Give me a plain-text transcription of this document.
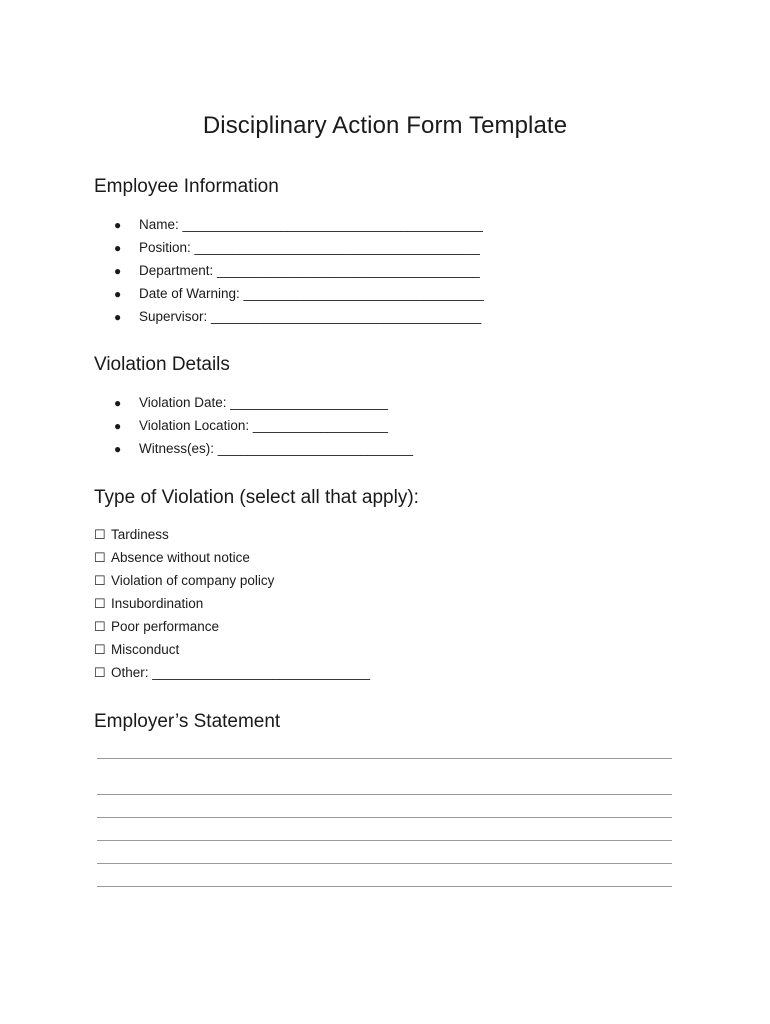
Disciplinary Action Form Template
Employee Information
● Name: ________________________________________
● Position: ______________________________________
● Department: ___________________________________
● Date of Warning: ________________________________
● Supervisor: ____________________________________
Violation Details
● Violation Date: _____________________
● Violation Location: __________________
● Witness(es): __________________________
Type of Violation (select all that apply):
☐ Tardiness
☐ Absence without notice
☐ Violation of company policy
☐ Insubordination
☐ Poor performance
☐ Misconduct
☐ Other: _____________________________
Employer’s Statement
